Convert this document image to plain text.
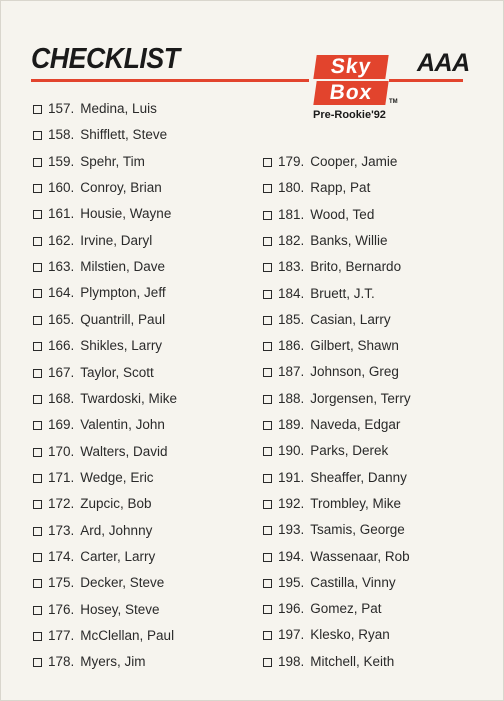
CHECKLIST	AAA
Sky
Box	TM
Pre-Rookie'92
157. Medina, Luis
158. Shifflett, Steve
159. Spehr, Tim
160. Conroy, Brian
161. Housie, Wayne
162. Irvine, Daryl
163. Milstien, Dave
164. Plympton, Jeff
165. Quantrill, Paul
166. Shikles, Larry
167. Taylor, Scott
168. Twardoski, Mike
169. Valentin, John
170. Walters, David
171. Wedge, Eric
172. Zupcic, Bob
173. Ard, Johnny
174. Carter, Larry
175. Decker, Steve
176. Hosey, Steve
177. McClellan, Paul
178. Myers, Jim
179. Cooper, Jamie
180. Rapp, Pat
181. Wood, Ted
182. Banks, Willie
183. Brito, Bernardo
184. Bruett, J.T.
185. Casian, Larry
186. Gilbert, Shawn
187. Johnson, Greg
188. Jorgensen, Terry
189. Naveda, Edgar
190. Parks, Derek
191. Sheaffer, Danny
192. Trombley, Mike
193. Tsamis, George
194. Wassenaar, Rob
195. Castilla, Vinny
196. Gomez, Pat
197. Klesko, Ryan
198. Mitchell, Keith
